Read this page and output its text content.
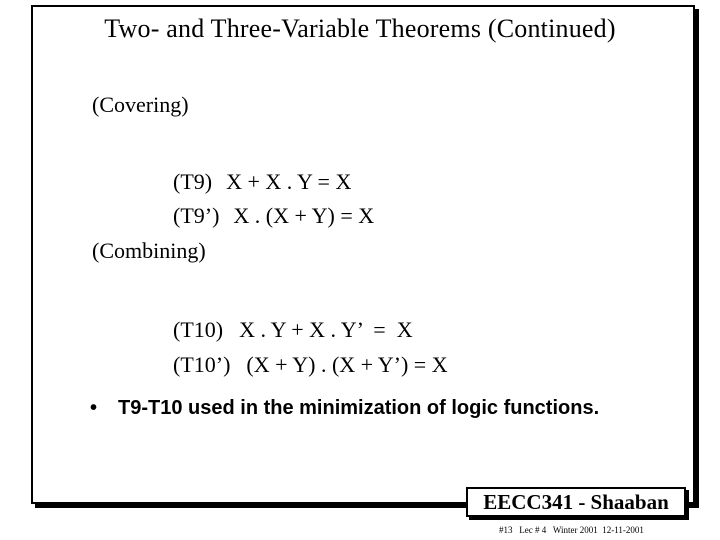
Two- and Three-Variable Theorems (Continued)
(Covering)

(T9) X + X . Y = X

(T9’) X . (X + Y) = X

(Combining)

(T10) X . Y + X . Y’  =  X

(T10’) (X + Y) . (X + Y’) = X

• T9-T10 used in the minimization of logic functions.
EECC341 - Shaaban
#13   Lec # 4   Winter 2001  12-11-2001
